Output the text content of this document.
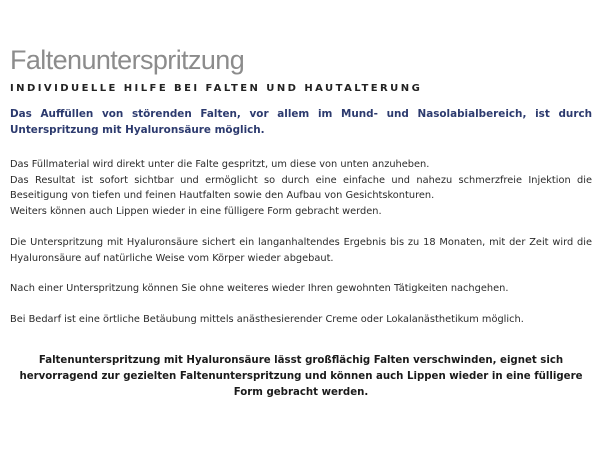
Faltenunterspritzung
INDIVIDUELLE HILFE BEI FALTEN UND HAUTALTERUNG

Das Auffüllen von störenden Falten, vor allem im Mund- und Nasolabialbereich, ist durch Unterspritzung mit Hyaluronsäure möglich.

Das Füllmaterial wird direkt unter die Falte gespritzt, um diese von unten anzuheben.
Das Resultat ist sofort sichtbar und ermöglicht so durch eine einfache und nahezu schmerzfreie Injektion die Beseitigung von tiefen und feinen Hautfalten sowie den Aufbau von Gesichtskonturen.
Weiters können auch Lippen wieder in eine fülligere Form gebracht werden.

Die Unterspritzung mit Hyaluronsäure sichert ein langanhaltendes Ergebnis bis zu 18 Monaten, mit der Zeit wird die Hyaluronsäure auf natürliche Weise vom Körper wieder abgebaut.

Nach einer Unterspritzung können Sie ohne weiteres wieder Ihren gewohnten Tätigkeiten nachgehen.

Bei Bedarf ist eine örtliche Betäubung mittels anästhesierender Creme oder Lokalanästhetikum möglich.

Faltenunterspritzung mit Hyaluronsäure lässt großflächig Falten verschwinden, eignet sich hervorragend zur gezielten Faltenunterspritzung und können auch Lippen wieder in eine fülligere Form gebracht werden.
